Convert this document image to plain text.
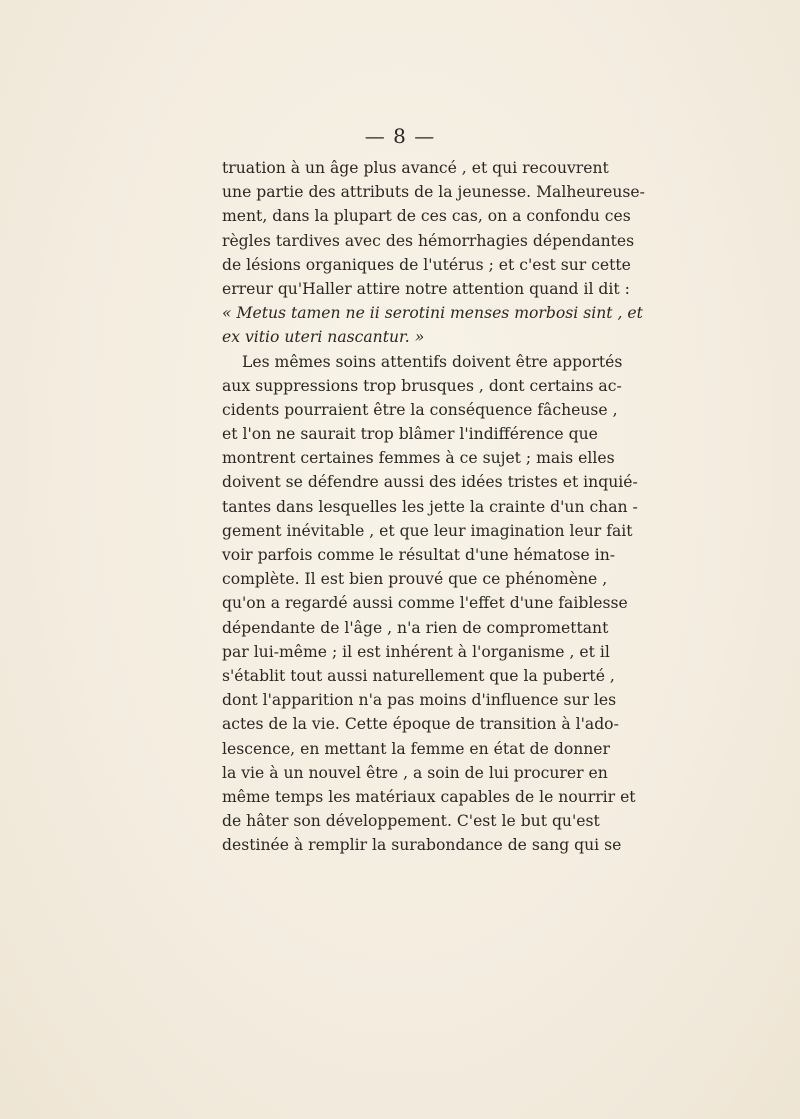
— 8 —
truation à un âge plus avancé , et qui recouvrent
une partie des attributs de la jeunesse. Malheureuse-
ment, dans la plupart de ces cas, on a confondu ces
règles tardives avec des hémorrhagies dépendantes
de lésions organiques de l'utérus ; et c'est sur cette
erreur qu'Haller attire notre attention quand il dit :
« Metus tamen ne ii serotini menses morbosi sint , et
ex vitio uteri nascantur. »
Les mêmes soins attentifs doivent être apportés
aux suppressions trop brusques , dont certains ac-
cidents pourraient être la conséquence fâcheuse ,
et l'on ne saurait trop blâmer l'indifférence que
montrent certaines femmes à ce sujet ; mais elles
doivent se défendre aussi des idées tristes et inquié-
tantes dans lesquelles les jette la crainte d'un chan -
gement inévitable , et que leur imagination leur fait
voir parfois comme le résultat d'une hématose in-
complète. Il est bien prouvé que ce phénomène ,
qu'on a regardé aussi comme l'effet d'une faiblesse
dépendante de l'âge , n'a rien de compromettant
par lui-même ; il est inhérent à l'organisme , et il
s'établit tout aussi naturellement que la puberté ,
dont l'apparition n'a pas moins d'influence sur les
actes de la vie. Cette époque de transition à l'ado-
lescence, en mettant la femme en état de donner
la vie à un nouvel être , a soin de lui procurer en
même temps les matériaux capables de le nourrir et
de hâter son développement. C'est le but qu'est
destinée à remplir la surabondance de sang qui se
